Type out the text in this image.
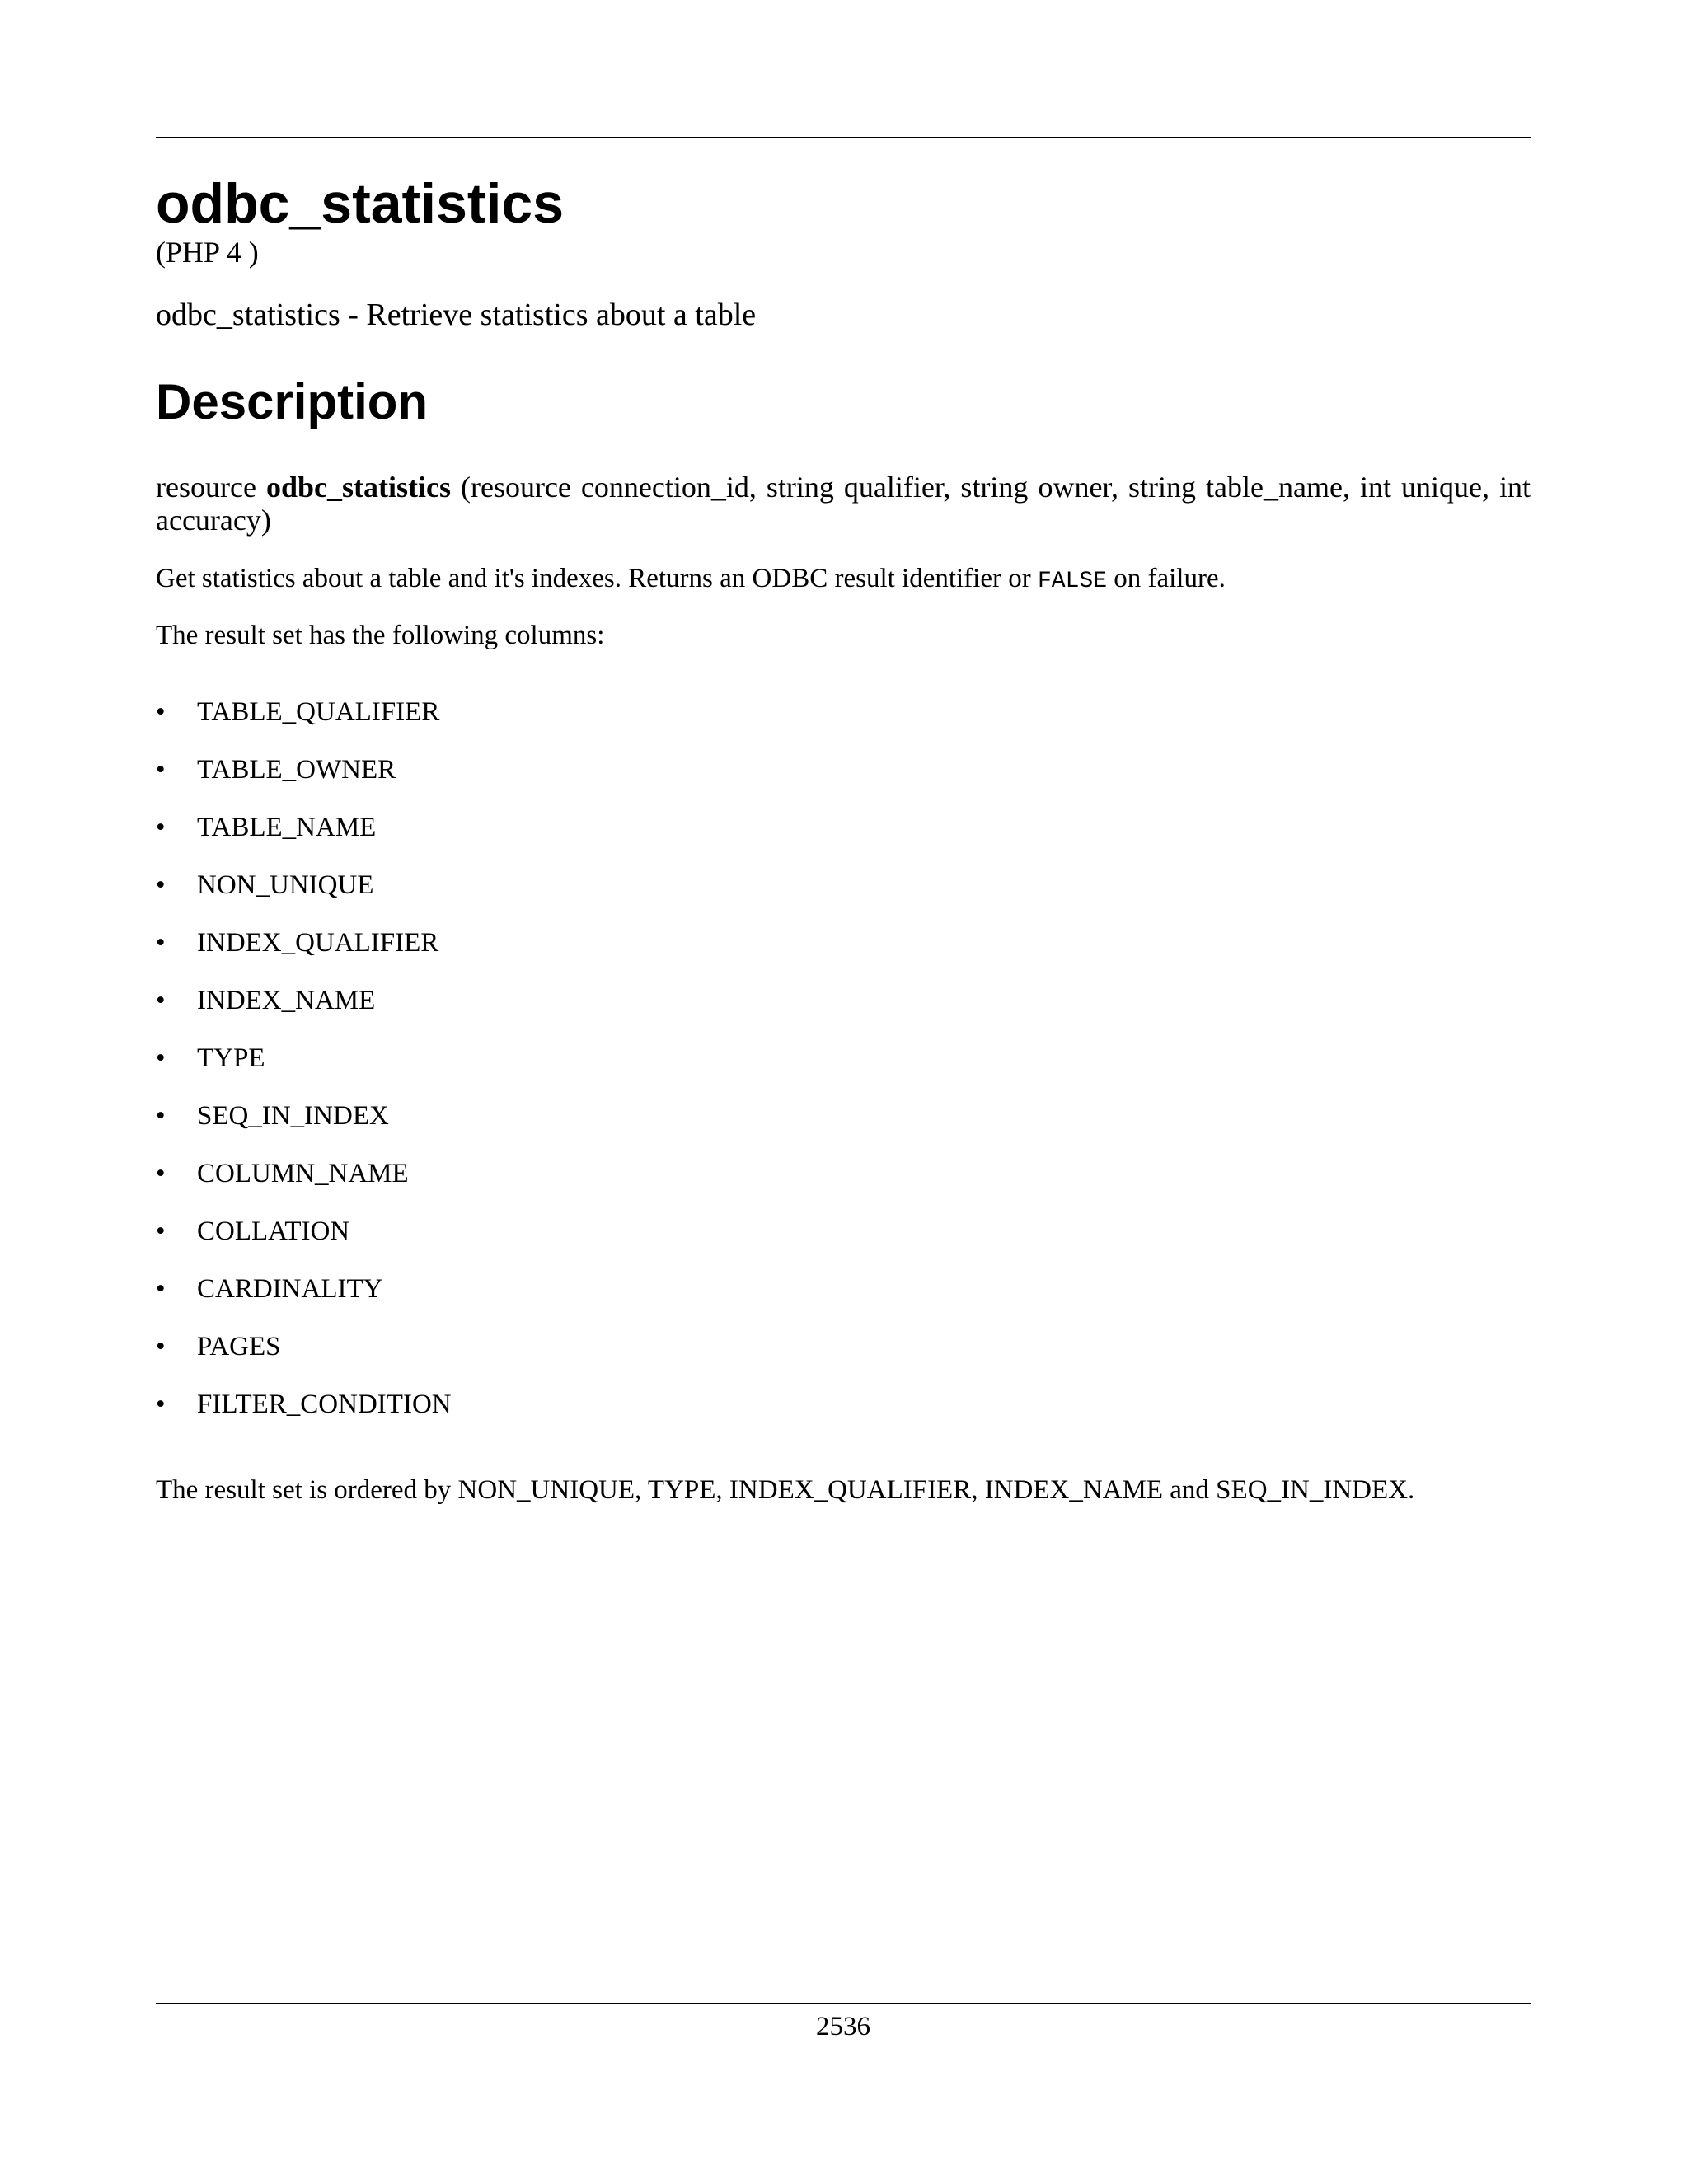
odbc_statistics

(PHP 4 )

odbc_statistics - Retrieve statistics about a table

Description

resource odbc_statistics (resource connection_id, string qualifier, string owner, string table_name, int unique, int accuracy)

Get statistics about a table and it's indexes. Returns an ODBC result identifier or FALSE on failure.

The result set has the following columns:

• TABLE_QUALIFIER
• TABLE_OWNER
• TABLE_NAME
• NON_UNIQUE
• INDEX_QUALIFIER
• INDEX_NAME
• TYPE
• SEQ_IN_INDEX
• COLUMN_NAME
• COLLATION
• CARDINALITY
• PAGES
• FILTER_CONDITION

The result set is ordered by NON_UNIQUE, TYPE, INDEX_QUALIFIER, INDEX_NAME and SEQ_IN_INDEX.

2536
